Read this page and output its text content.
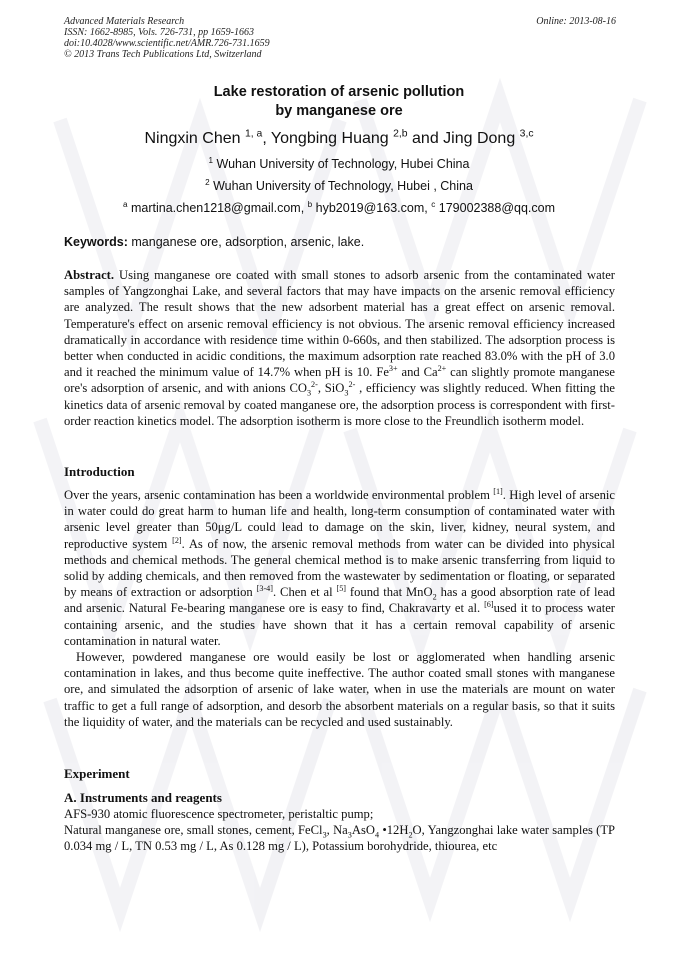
Advanced Materials Research
ISSN: 1662-8985, Vols. 726-731, pp 1659-1663
doi:10.4028/www.scientific.net/AMR.726-731.1659
© 2013 Trans Tech Publications Ltd, Switzerland
Online: 2013-08-16
Lake restoration of arsenic pollution
by manganese ore
Ningxin Chen $^{1, a}$, Yongbing Huang $^{2,b}$ and Jing Dong $^{3,c}$
$^1$ Wuhan University of Technology, Hubei China
$^2$ Wuhan University of Technology, Hubei , China
$^a$ martina.chen1218@gmail.com, $^b$ hyb2019@163.com, $^c$ 179002388@qq.com
Keywords: manganese ore, adsorption, arsenic, lake.
Abstract. Using manganese ore coated with small stones to adsorb arsenic from the contaminated water samples of Yangzonghai Lake, and several factors that may have impacts on the arsenic removal efficiency are analyzed. The result shows that the new adsorbent material has a great effect on arsenic removal. Temperature's effect on arsenic removal efficiency is not obvious. The arsenic removal efficiency increased dramatically in accordance with residence time within 0-660s, and then stabilized. The adsorption process is better when conducted in acidic conditions, the maximum adsorption rate reached 83.0% with the pH of 3.0 and it reached the minimum value of 14.7% when pH is 10. $Fe^{3+}$ and $Ca^{2+}$ can slightly promote manganese ore's adsorption of arsenic, and with anions $CO_3^{2-}$, SiO$_3^{2-}$ , efficiency was slightly reduced. When fitting the kinetics data of arsenic removal by coated manganese ore, the adsorption process is correspondent with first-order reaction kinetics model. The adsorption isotherm is more close to the Freundlich isotherm model.
Introduction
Over the years, arsenic contamination has been a worldwide environmental problem [1]. High level of arsenic in water could do great harm to human life and health, long-term consumption of contaminated water with arsenic level greater than 50μg/L could lead to damage on the skin, liver, kidney, neural system, and reproductive system [2]. As of now, the arsenic removal methods from water can be divided into physical methods and chemical methods. The general chemical method is to make arsenic transferring from liquid to solid by adding chemicals, and then removed from the wastewater by sedimentation or floating, or separated by means of extraction or adsorption [3-4]. Chen et al [5] found that MnO$_2$ has a good absorption rate of lead and arsenic. Natural Fe-bearing manganese ore is easy to find, Chakravarty et al. [6]used it to process water containing arsenic, and the studies have shown that it has a certain removal capability of arsenic contamination in natural water.
However, powdered manganese ore would easily be lost or agglomerated when handling arsenic contamination in lakes, and thus become quite ineffective. The author coated small stones with manganese ore, and simulated the adsorption of arsenic of lake water, when in use the materials are mount on water traffic to get a full range of adsorption, and desorb the absorbent materials on a regular basis, so that it suits the liquidity of water, and the materials can be recycled and used sustainably.
Experiment
A. Instruments and reagents
AFS-930 atomic fluorescence spectrometer, peristaltic pump;
Natural manganese ore, small stones, cement, FeCl$_3$, $Na_3AsO_4$ $•12H_2O$, Yangzonghai lake water samples (TP 0.034 mg / L, TN 0.53 mg / L, As 0.128 mg / L), Potassium borohydride, thiourea, etc
